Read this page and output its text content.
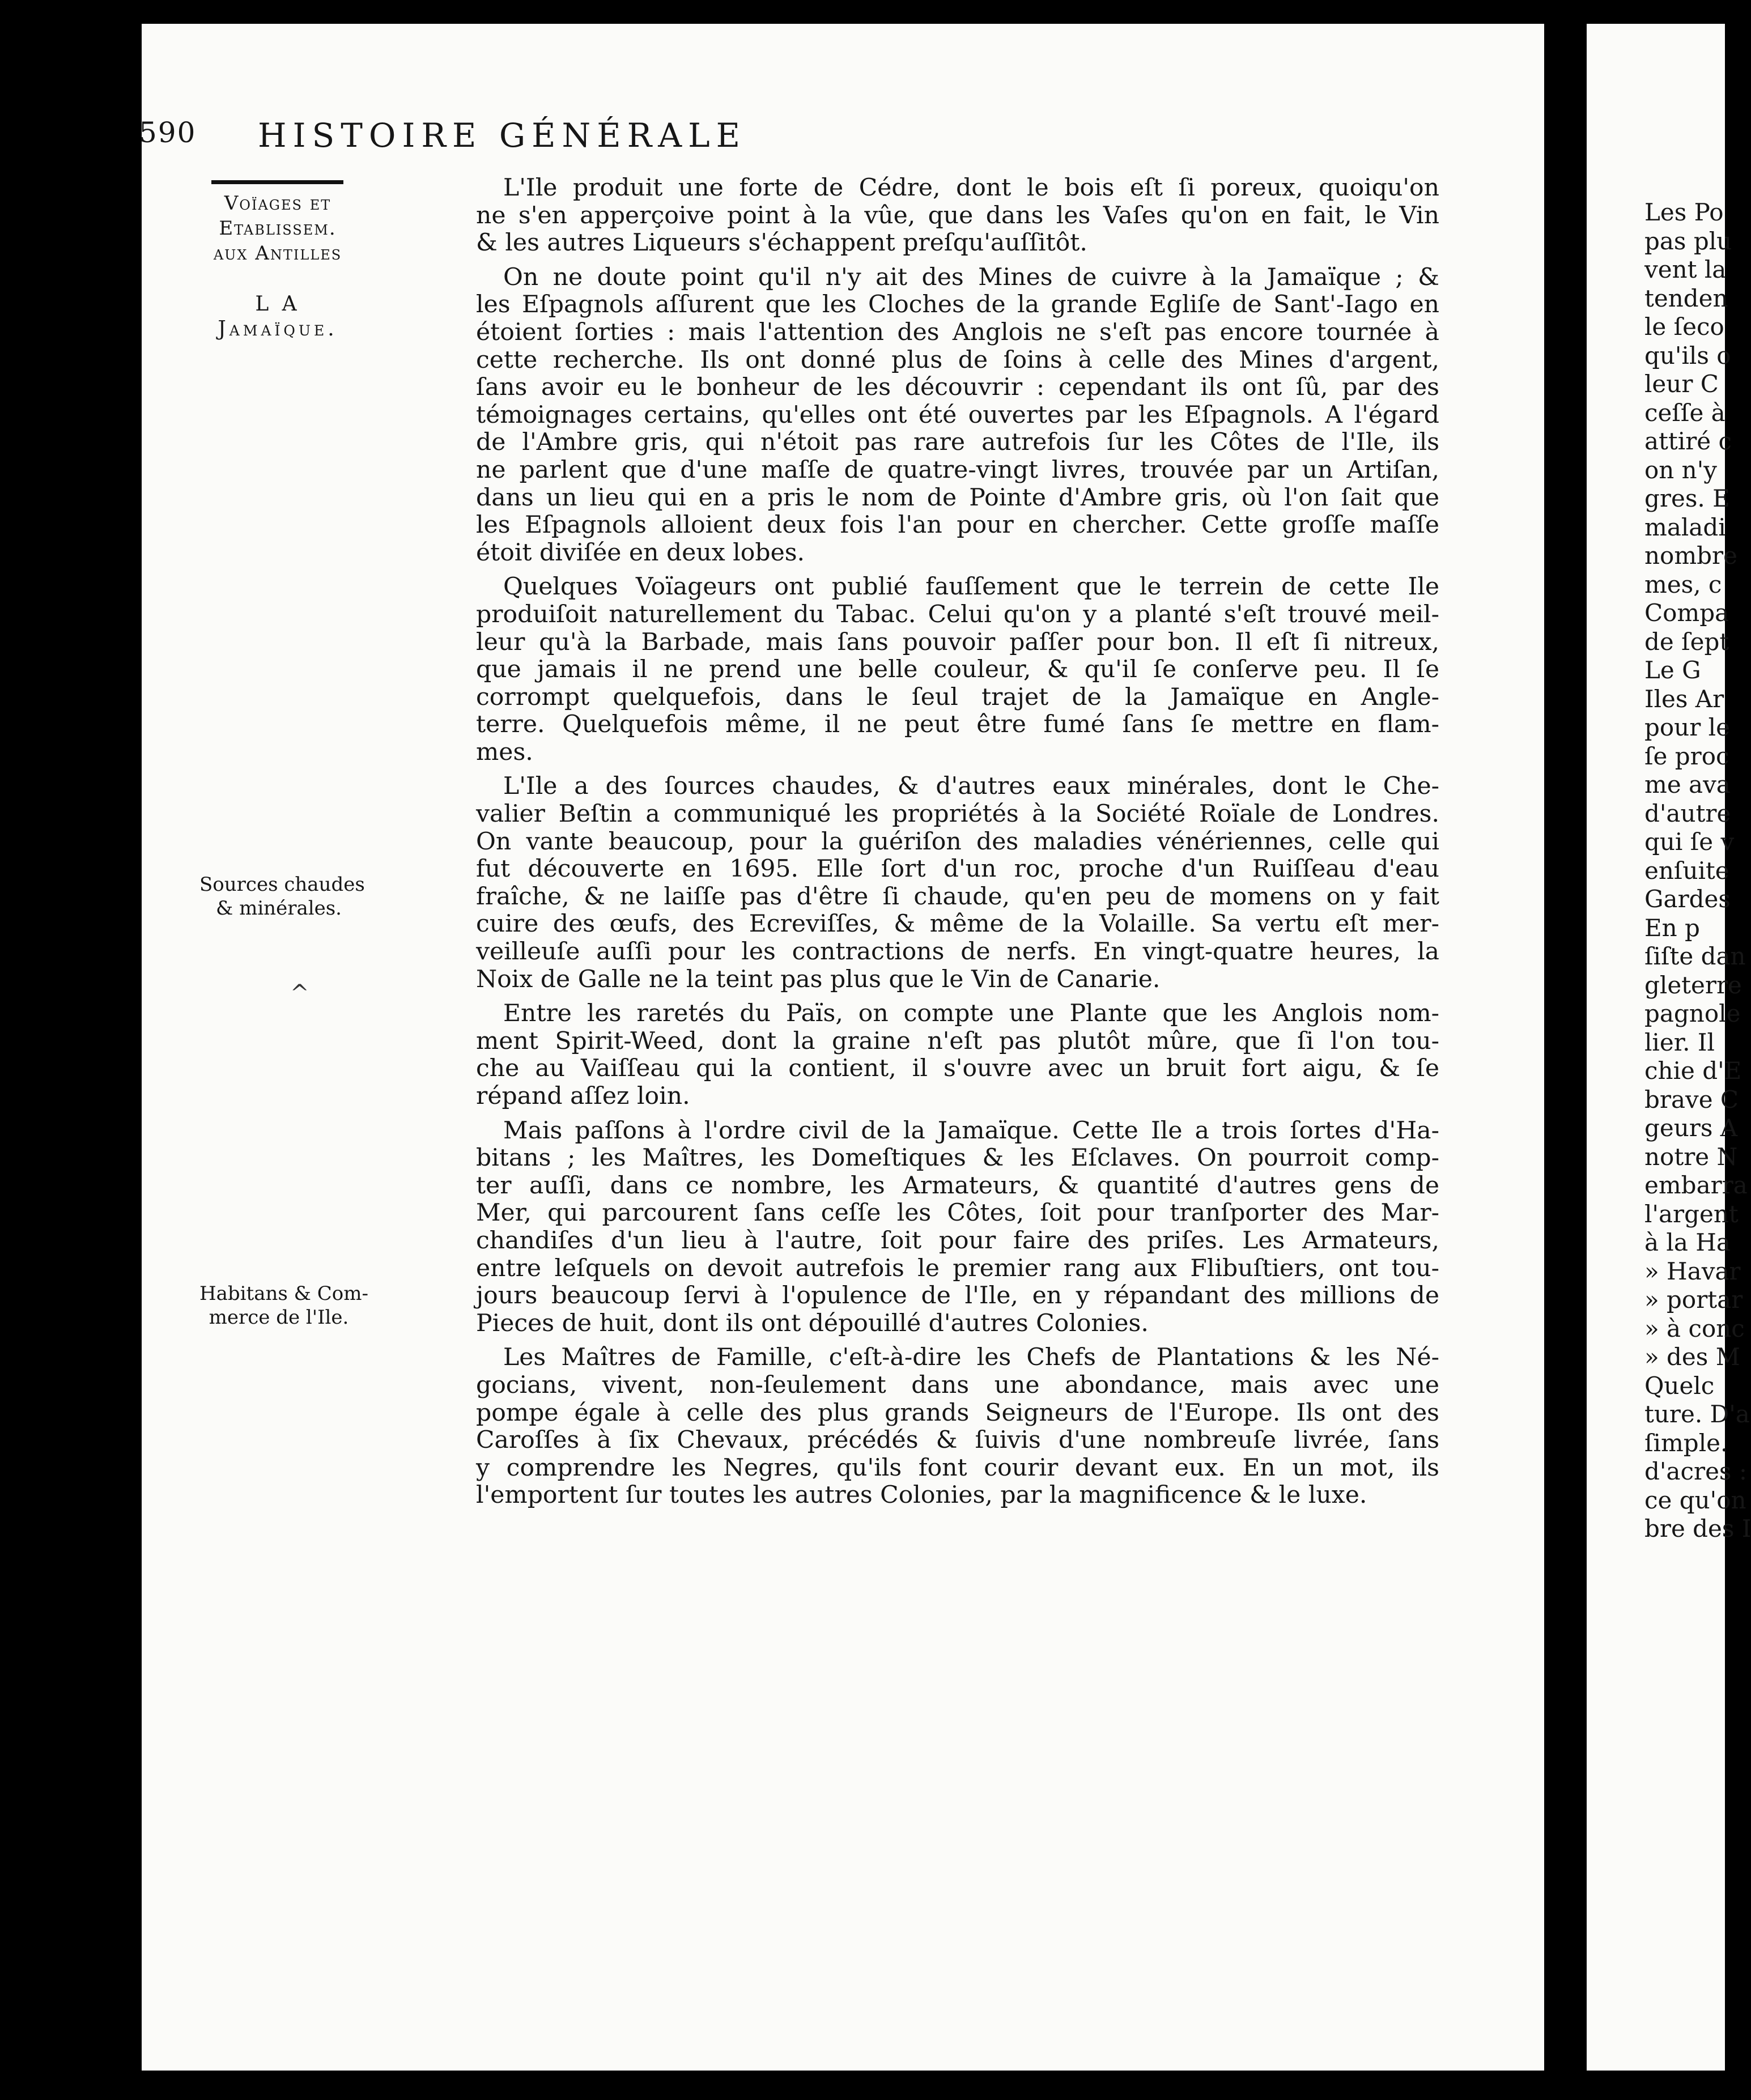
590 HISTOIRE GÉNÉRALE
Voïages et
Etablissem.
aux Antilles
L A
Jamaïque.
Sources chaudes
& minérales.
Habitans & Com-
merce de l'Ile.
^
L'Ile produit une forte de Cédre, dont le bois eſt ſi poreux, quoiqu'on
ne s'en apperçoive point à la vûe, que dans les Vaſes qu'on en fait, le Vin
& les autres Liqueurs s'échappent preſqu'auſſitôt.
On ne doute point qu'il n'y ait des Mines de cuivre à la Jamaïque ; &
les Eſpagnols aſſurent que les Cloches de la grande Egliſe de Sant'-Iago en
étoient ſorties : mais l'attention des Anglois ne s'eſt pas encore tournée à
cette recherche. Ils ont donné plus de ſoins à celle des Mines d'argent,
ſans avoir eu le bonheur de les découvrir : cependant ils ont ſû, par des
témoignages certains, qu'elles ont été ouvertes par les Eſpagnols. A l'égard
de l'Ambre gris, qui n'étoit pas rare autrefois ſur les Côtes de l'Ile, ils
ne parlent que d'une maſſe de quatre-vingt livres, trouvée par un Artiſan,
dans un lieu qui en a pris le nom de Pointe d'Ambre gris, où l'on ſait que
les Eſpagnols alloient deux fois l'an pour en chercher. Cette groſſe maſſe
étoit diviſée en deux lobes.
Quelques Voïageurs ont publié fauſſement que le terrein de cette Ile
produiſoit naturellement du Tabac. Celui qu'on y a planté s'eſt trouvé meil-
leur qu'à la Barbade, mais ſans pouvoir paſſer pour bon. Il eſt ſi nitreux,
que jamais il ne prend une belle couleur, & qu'il ſe conſerve peu. Il ſe
corrompt quelquefois, dans le ſeul trajet de la Jamaïque en Angle-
terre. Quelquefois même, il ne peut être fumé ſans ſe mettre en flam-
mes.
L'Ile a des ſources chaudes, & d'autres eaux minérales, dont le Che-
valier Beſtin a communiqué les propriétés à la Société Roïale de Londres.
On vante beaucoup, pour la guériſon des maladies vénériennes, celle qui
fut découverte en 1695. Elle ſort d'un roc, proche d'un Ruiſſeau d'eau
fraîche, & ne laiſſe pas d'être ſi chaude, qu'en peu de momens on y fait
cuire des œufs, des Ecreviſſes, & même de la Volaille. Sa vertu eſt mer-
veilleuſe auſſi pour les contractions de nerfs. En vingt-quatre heures, la
Noix de Galle ne la teint pas plus que le Vin de Canarie.
Entre les raretés du Païs, on compte une Plante que les Anglois nom-
ment Spirit-Weed, dont la graine n'eſt pas plutôt mûre, que ſi l'on tou-
che au Vaiſſeau qui la contient, il s'ouvre avec un bruit fort aigu, & ſe
répand aſſez loin.
Mais paſſons à l'ordre civil de la Jamaïque. Cette Ile a trois ſortes d'Ha-
bitans ; les Maîtres, les Domeſtiques & les Eſclaves. On pourroit comp-
ter auſſi, dans ce nombre, les Armateurs, & quantité d'autres gens de
Mer, qui parcourent ſans ceſſe les Côtes, ſoit pour tranſporter des Mar-
chandiſes d'un lieu à l'autre, ſoit pour faire des priſes. Les Armateurs,
entre leſquels on devoit autrefois le premier rang aux Flibuſtiers, ont tou-
jours beaucoup ſervi à l'opulence de l'Ile, en y répandant des millions de
Pieces de huit, dont ils ont dépouillé d'autres Colonies.
Les Maîtres de Famille, c'eſt-à-dire les Chefs de Plantations & les Né-
gocians, vivent, non-ſeulement dans une abondance, mais avec une
pompe égale à celle des plus grands Seigneurs de l'Europe. Ils ont des
Caroſſes à ſix Chevaux, précédés & ſuivis d'une nombreuſe livrée, ſans
y comprendre les Negres, qu'ils font courir devant eux. En un mot, ils
l'emportent ſur toutes les autres Colonies, par la magnificence & le luxe.
Les Po
pas plu
vent la
tenden
le ſeco
qu'ils o
leur C
ceſſe à
attiré c
on n'y
gres. E
maladi
nombre
mes, c
Compa
de ſept
Le G
Iles Ar
pour le
ſe proc
me ava
d'autre
qui ſe v
enſuite
Gardes
En p
ſiſte dan
gleterre
pagnole
lier. Il
chie d'E
brave C
geurs A
notre N
embarra
l'argent
à la Ha
» Havar
» portar
» à conc
» des M
Quelc
ture. D'a
ſimple.
d'acres :
ce qu'on
bre des I
